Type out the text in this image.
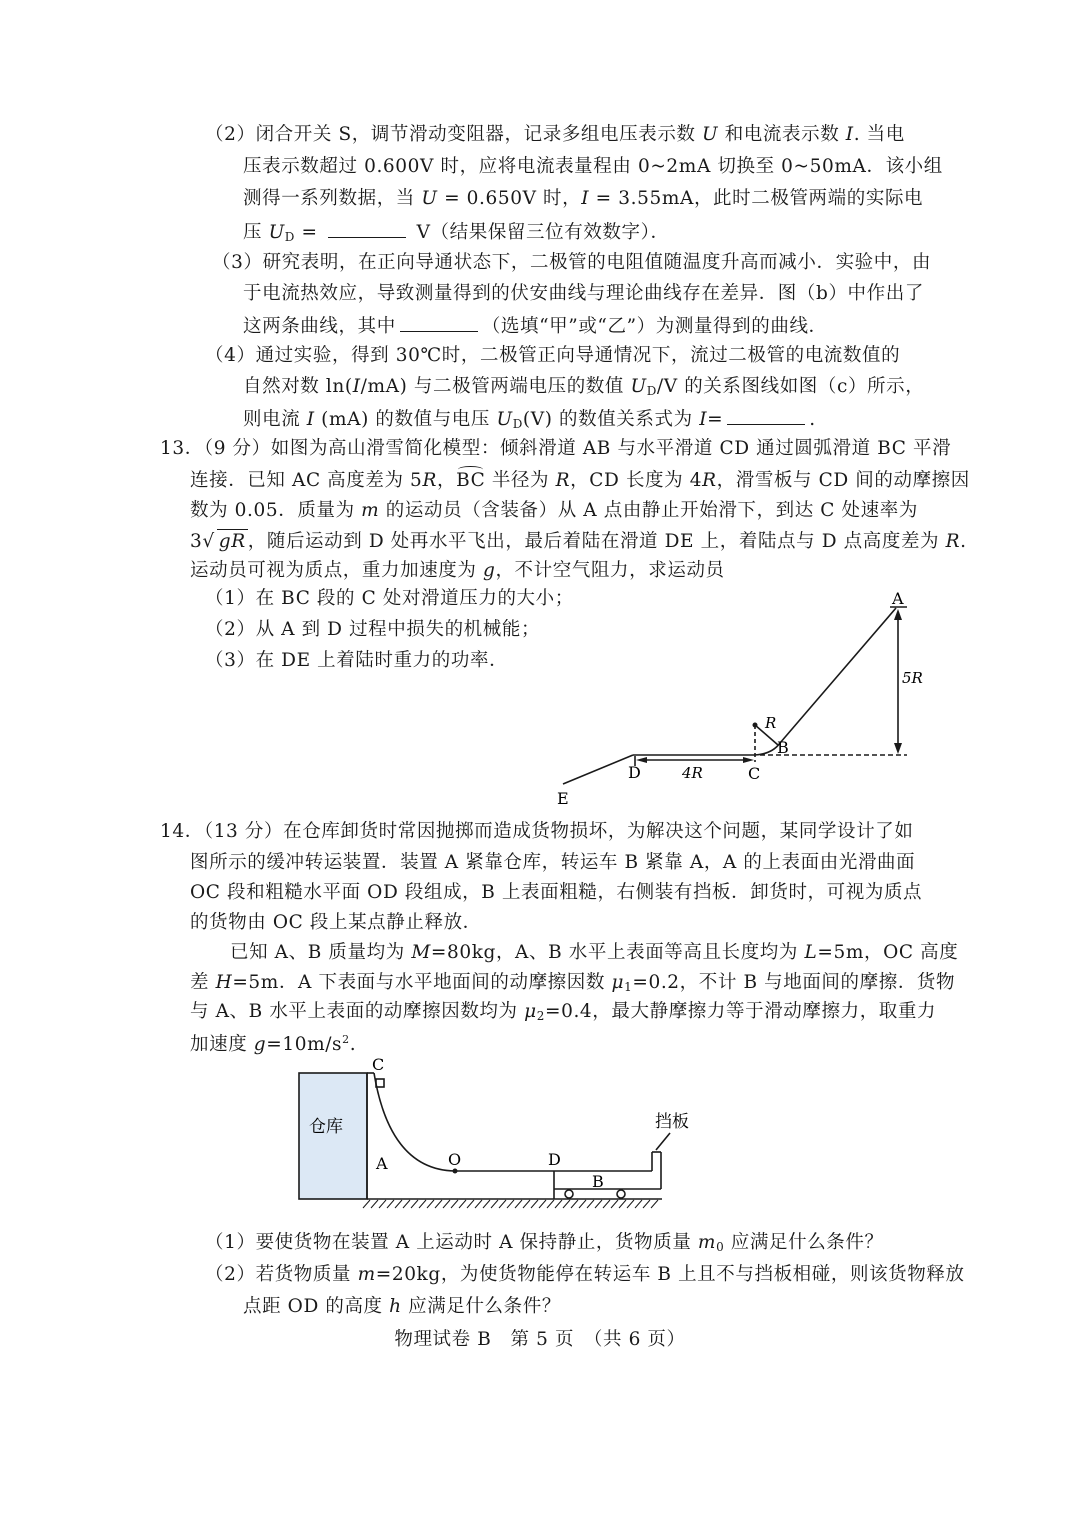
（2）闭合开关 S，调节滑动变阻器，记录多组电压表示数 U 和电流表示数 I. 当电
压表示数超过 0.600V 时，应将电流表量程由 0~2mA 切换至 0~50mA．该小组
测得一系列数据，当 U = 0.650V 时，I = 3.55mA，此时二极管两端的实际电
压 $U_D$ =	V（结果保留三位有效数字）．
（3）研究表明，在正向导通状态下，二极管的电阻值随温度升高而减小．实验中，由
于电流热效应，导致测量得到的伏安曲线与理论曲线存在差异．图（b）中作出了
这两条曲线，其中	（选填“甲”或“乙”）为测量得到的曲线．
（4）通过实验，得到 30℃时，二极管正向导通情况下，流过二极管的电流数值的
自然对数 ln(I/mA) 与二极管两端电压的数值 $U_D/V$ 的关系图线如图（c）所示，
则电流 I (mA) 的数值与电压 $U_D(V)$ 的数值关系式为 I=	.
13．（9 分）如图为高山滑雪简化模型：倾斜滑道 AB 与水平滑道 CD 通过圆弧滑道 BC 平滑
连接．已知 AC 高度差为 5R，BC 半径为 R，CD 长度为 4R，滑雪板与 CD 间的动摩擦因
数为 0.05．质量为 m 的运动员（含装备）从 A 点由静止开始滑下，到达 C 处速率为
3√ gR ，随后运动到 D 处再水平飞出，最后着陆在滑道 DE 上，着陆点与 D 点高度差为 R.
运动员可视为质点，重力加速度为 g，不计空气阻力，求运动员
（1）在 BC 段的 C 处对滑道压力的大小；
（2）从 A 到 D 过程中损失的机械能；
（3）在 DE 上着陆时重力的功率．
A
5R
R
B
D	4R	C
E
14．（13 分）在仓库卸货时常因抛掷而造成货物损坏，为解决这个问题，某同学设计了如
图所示的缓冲转运装置．装置 A 紧靠仓库，转运车 B 紧靠 A，A 的上表面由光滑曲面
OC 段和粗糙水平面 OD 段组成，B 上表面粗糙，右侧装有挡板．卸货时，可视为质点
的货物由 OC 段上某点静止释放．
已知 A、B 质量均为 M=80kg，A、B 水平上表面等高且长度均为 L=5m，OC 高度
差 H=5m．A 下表面与水平地面间的动摩擦因数 $\mu_1=0.2$，不计 B 与地面间的摩擦．货物
与 A、B 水平上表面的动摩擦因数均为 $\mu_2=0.4$，最大静摩擦力等于滑动摩擦力，取重力
加速度 $g=10m/s^2$.
仓库
C
A	O	D
B
挡板
（1）要使货物在装置 A 上运动时 A 保持静止，货物质量 $m_0$ 应满足什么条件？
（2）若货物质量 m=20kg，为使货物能停在转运车 B 上且不与挡板相碰，则该货物释放
点距 OD 的高度 h 应满足什么条件？
物理试卷 B　第 5 页　（共 6 页）
